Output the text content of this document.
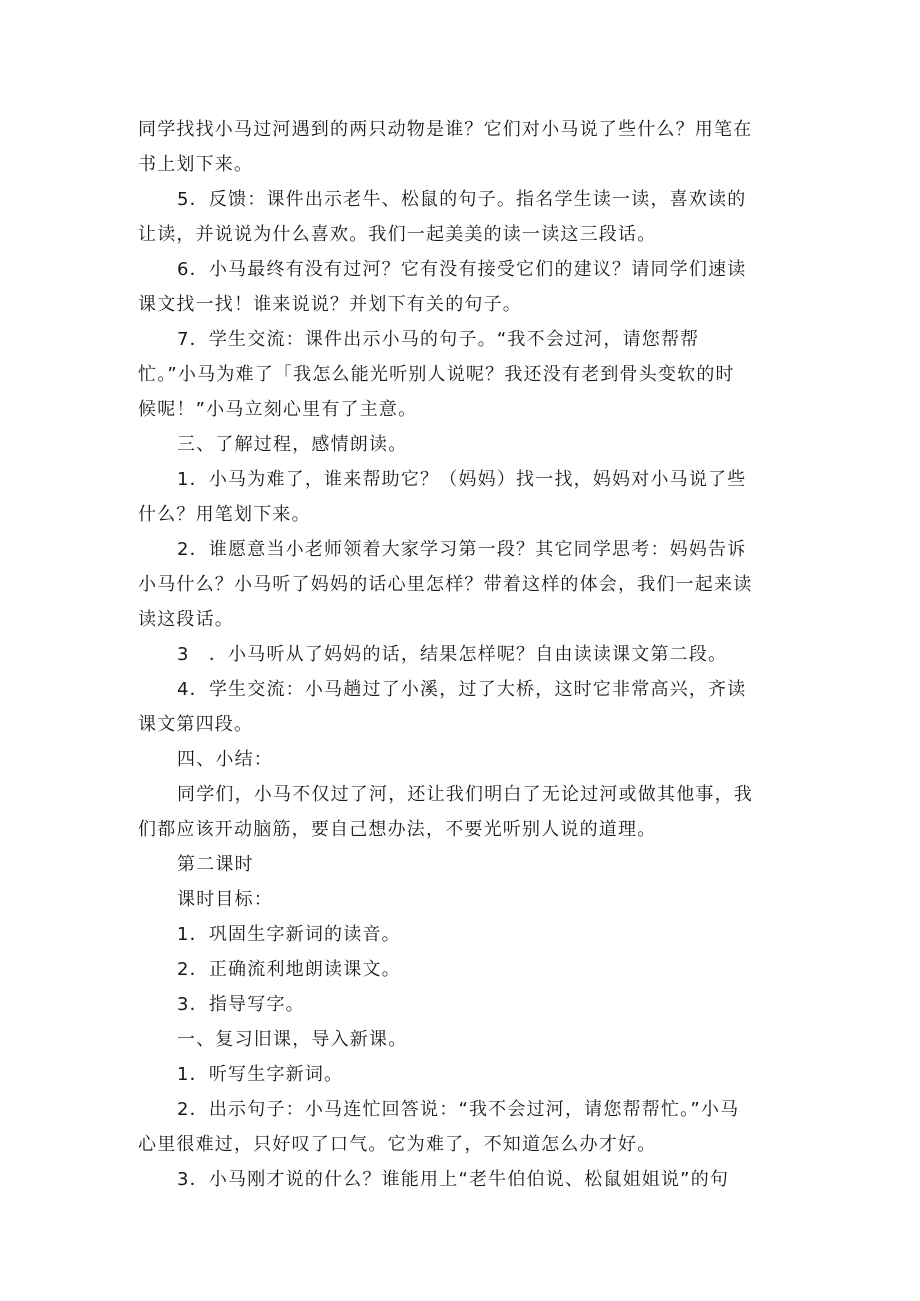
同学找找小马过河遇到的两只动物是谁？它们对小马说了些什么？用笔在
书上划下来。
5．反馈：课件出示老牛、松鼠的句子。指名学生读一读，喜欢读的
让读，并说说为什么喜欢。我们一起美美的读一读这三段话。
6．小马最终有没有过河？它有没有接受它们的建议？请同学们速读
课文找一找！谁来说说？并划下有关的句子。
7．学生交流：课件出示小马的句子。“我不会过河，请您帮帮
忙。”小马为难了「我怎么能光听别人说呢？我还没有老到骨头变软的时
候呢！”小马立刻心里有了主意。
三、了解过程，感情朗读。
1．小马为难了，谁来帮助它？（妈妈）找一找，妈妈对小马说了些
什么？用笔划下来。
2．谁愿意当小老师领着大家学习第一段？其它同学思考：妈妈告诉
小马什么？小马听了妈妈的话心里怎样？带着这样的体会，我们一起来读
读这段话。
3　．小马听从了妈妈的话，结果怎样呢？自由读读课文第二段。
4．学生交流：小马趟过了小溪，过了大桥，这时它非常高兴，齐读
课文第四段。
四、小结：
同学们，小马不仅过了河，还让我们明白了无论过河或做其他事，我
们都应该开动脑筋，要自己想办法，不要光听别人说的道理。
第二课时
课时目标：
1．巩固生字新词的读音。
2．正确流利地朗读课文。
3．指导写字。
一、复习旧课，导入新课。
1．听写生字新词。
2．出示句子：小马连忙回答说：“我不会过河，请您帮帮忙。”小马
心里很难过，只好叹了口气。它为难了，不知道怎么办才好。
3．小马刚才说的什么？谁能用上“老牛伯伯说、松鼠姐姐说”的句
